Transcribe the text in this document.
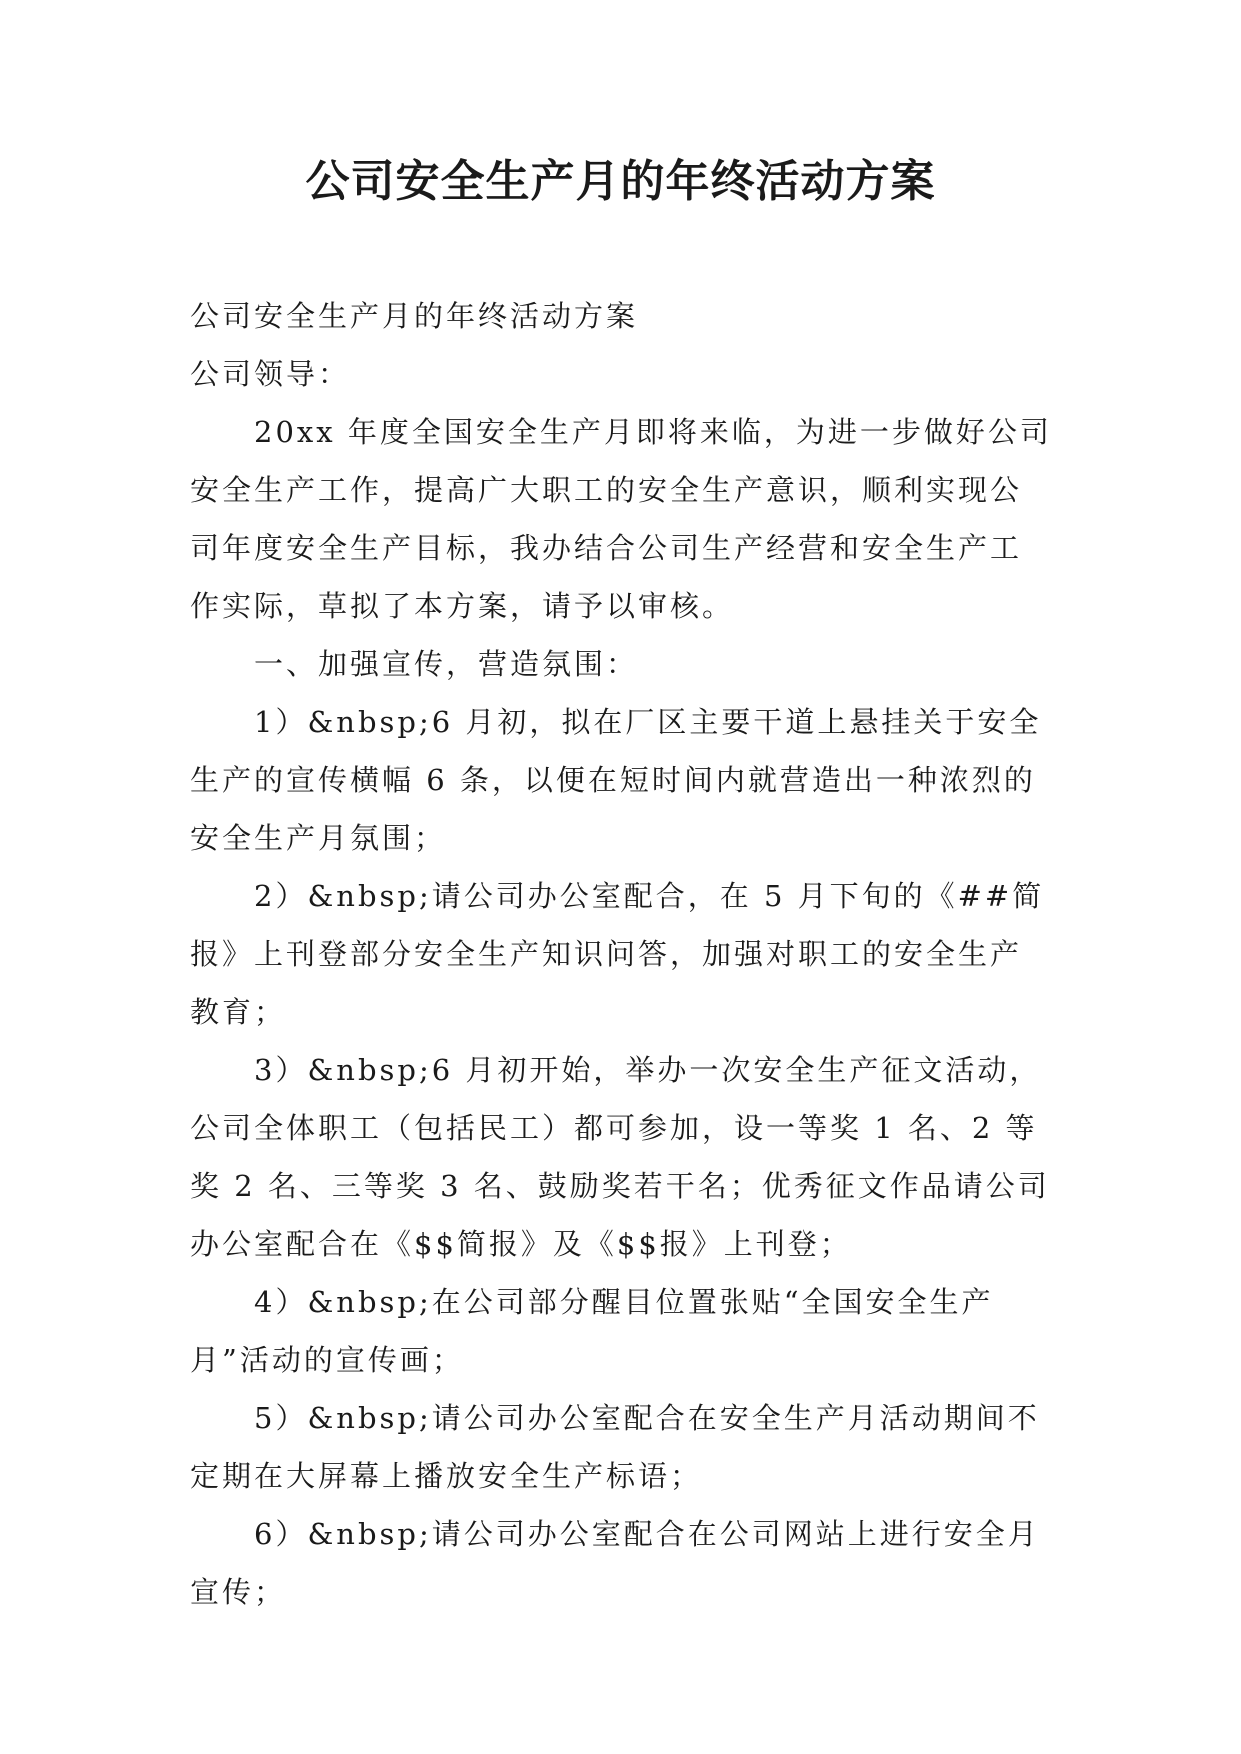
公司安全生产月的年终活动方案

公司安全生产月的年终活动方案

公司领导：

20xx 年度全国安全生产月即将来临，为进一步做好公司安全生产工作，提高广大职工的安全生产意识，顺利实现公司年度安全生产目标，我办结合公司生产经营和安全生产工作实际，草拟了本方案，请予以审核。

一、加强宣传，营造氛围：

1）&nbsp;6 月初，拟在厂区主要干道上悬挂关于安全生产的宣传横幅 6 条，以便在短时间内就营造出一种浓烈的安全生产月氛围；

2）&nbsp;请公司办公室配合，在 5 月下旬的《##简报》上刊登部分安全生产知识问答，加强对职工的安全生产教育；

3）&nbsp;6 月初开始，举办一次安全生产征文活动，公司全体职工（包括民工）都可参加，设一等奖 1 名、2 等奖 2 名、三等奖 3 名、鼓励奖若干名；优秀征文作品请公司办公室配合在《$$简报》及《$$报》上刊登；

4）&nbsp;在公司部分醒目位置张贴“全国安全生产月”活动的宣传画；

5）&nbsp;请公司办公室配合在安全生产月活动期间不定期在大屏幕上播放安全生产标语；

6）&nbsp;请公司办公室配合在公司网站上进行安全月宣传；
